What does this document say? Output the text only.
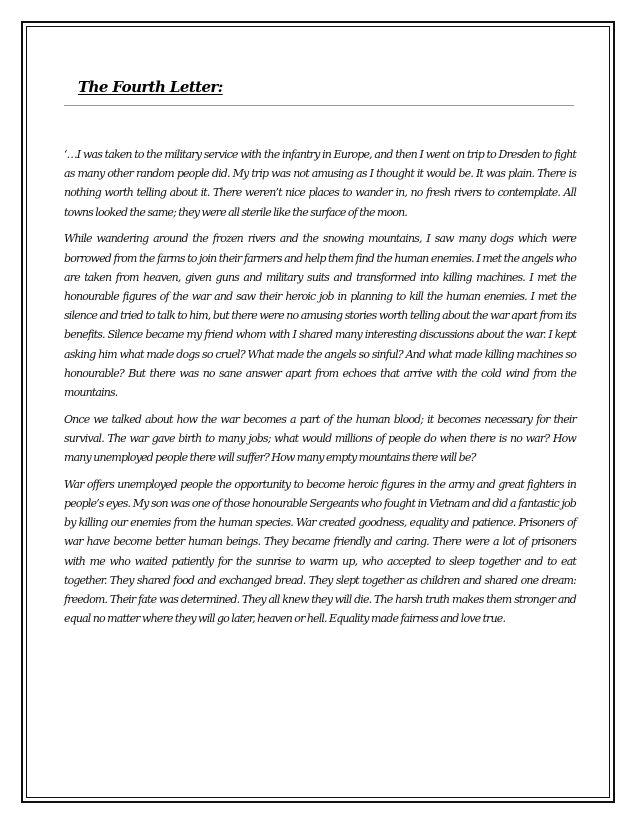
The Fourth Letter:

‘…I was taken to the military service with the infantry in Europe, and then I went on trip to Dresden to fight as many other random people did. My trip was not amusing as I thought it would be. It was plain. There is nothing worth telling about it. There weren’t nice places to wander in, no fresh rivers to contemplate. All towns looked the same; they were all sterile like the surface of the moon.

While wandering around the frozen rivers and the snowing mountains, I saw many dogs which were borrowed from the farms to join their farmers and help them find the human enemies. I met the angels who are taken from heaven, given guns and military suits and transformed into killing machines. I met the honourable figures of the war and saw their heroic job in planning to kill the human enemies. I met the silence and tried to talk to him, but there were no amusing stories worth telling about the war apart from its benefits. Silence became my friend whom with I shared many interesting discussions about the war. I kept asking him what made dogs so cruel? What made the angels so sinful? And what made killing machines so honourable? But there was no sane answer apart from echoes that arrive with the cold wind from the mountains.

Once we talked about how the war becomes a part of the human blood; it becomes necessary for their survival. The war gave birth to many jobs; what would millions of people do when there is no war? How many unemployed people there will suffer? How many empty mountains there will be?

War offers unemployed people the opportunity to become heroic figures in the army and great fighters in people’s eyes. My son was one of those honourable Sergeants who fought in Vietnam and did a fantastic job by killing our enemies from the human species. War created goodness, equality and patience. Prisoners of war have become better human beings. They became friendly and caring. There were a lot of prisoners with me who waited patiently for the sunrise to warm up, who accepted to sleep together and to eat together. They shared food and exchanged bread. They slept together as children and shared one dream: freedom. Their fate was determined. They all knew they will die. The harsh truth makes them stronger and equal no matter where they will go later, heaven or hell. Equality made fairness and love true.
